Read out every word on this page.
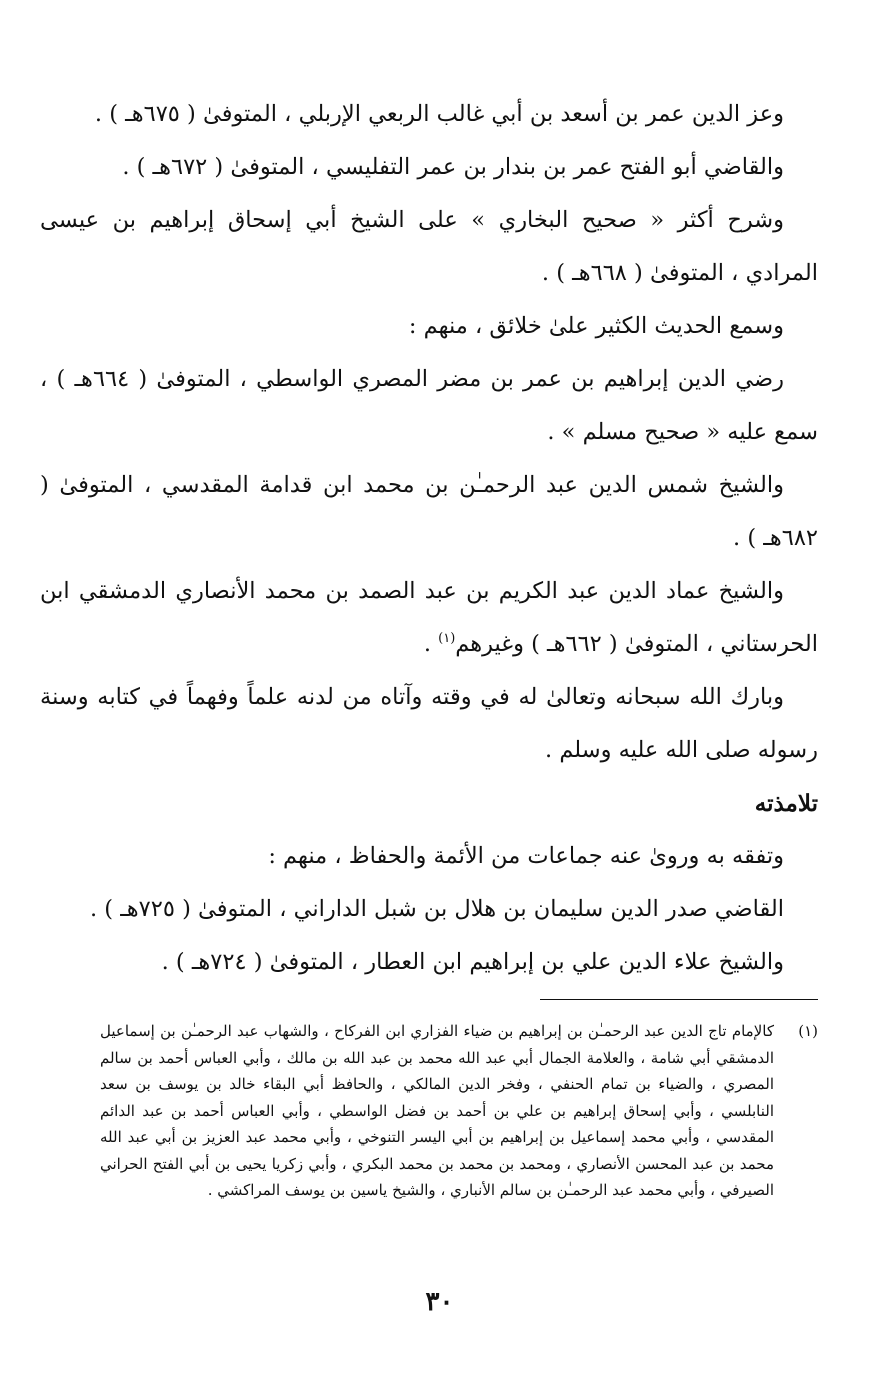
وعز الدين عمر بن أسعد بن أبي غالب الربعي الإربلي ، المتوفىٰ ( ٦٧٥هـ ) .

والقاضي أبو الفتح عمر بن بندار بن عمر التفليسي ، المتوفىٰ ( ٦٧٢هـ ) .

وشرح أكثر « صحيح البخاري » على الشيخ أبي إسحاق إبراهيم بن عيسى المرادي ، المتوفىٰ ( ٦٦٨هـ ) .

وسمع الحديث الكثير علىٰ خلائق ، منهم :

رضي الدين إبراهيم بن عمر بن مضر المصري الواسطي ، المتوفىٰ ( ٦٦٤هـ ) ، سمع عليه « صحيح مسلم » .

والشيخ شمس الدين عبد الرحمـٰن بن محمد ابن قدامة المقدسي ، المتوفىٰ ( ٦٨٢هـ ) .

والشيخ عماد الدين عبد الكريم بن عبد الصمد بن محمد الأنصاري الدمشقي ابن الحرستاني ، المتوفىٰ ( ٦٦٢هـ ) وغيرهم$^{(١)}$ .

وبارك الله سبحانه وتعالىٰ له في وقته وآتاه من لدنه علماً وفهماً في كتابه وسنة رسوله صلى الله عليه وسلم .

تلامذته

وتفقه به وروىٰ عنه جماعات من الأئمة والحفاظ ، منهم :

القاضي صدر الدين سليمان بن هلال بن شبل الداراني ، المتوفىٰ ( ٧٢٥هـ ) .

والشيخ علاء الدين علي بن إبراهيم ابن العطار ، المتوفىٰ ( ٧٢٤هـ ) .

(١)

كالإمام تاج الدين عبد الرحمـٰن بن إبراهيم بن ضياء الفزاري ابن الفركاح ، والشهاب عبد الرحمـٰن بن إسماعيل الدمشقي أبي شامة ، والعلامة الجمال أبي عبد الله محمد بن عبد الله بن مالك ، وأبي العباس أحمد بن سالم المصري ، والضياء بن تمام الحنفي ، وفخر الدين المالكي ، والحافظ أبي البقاء خالد بن يوسف بن سعد النابلسي ، وأبي إسحاق إبراهيم بن علي بن أحمد بن فضل الواسطي ، وأبي العباس أحمد بن عبد الدائم المقدسي ، وأبي محمد إسماعيل بن إبراهيم بن أبي اليسر التنوخي ، وأبي محمد عبد العزيز بن أبي عبد الله محمد بن عبد المحسن الأنصاري ، ومحمد بن محمد بن محمد البكري ، وأبي زكريا يحيى بن أبي الفتح الحراني الصيرفي ، وأبي محمد عبد الرحمـٰن بن سالم الأنباري ، والشيخ ياسين بن يوسف المراكشي .

٣٠
